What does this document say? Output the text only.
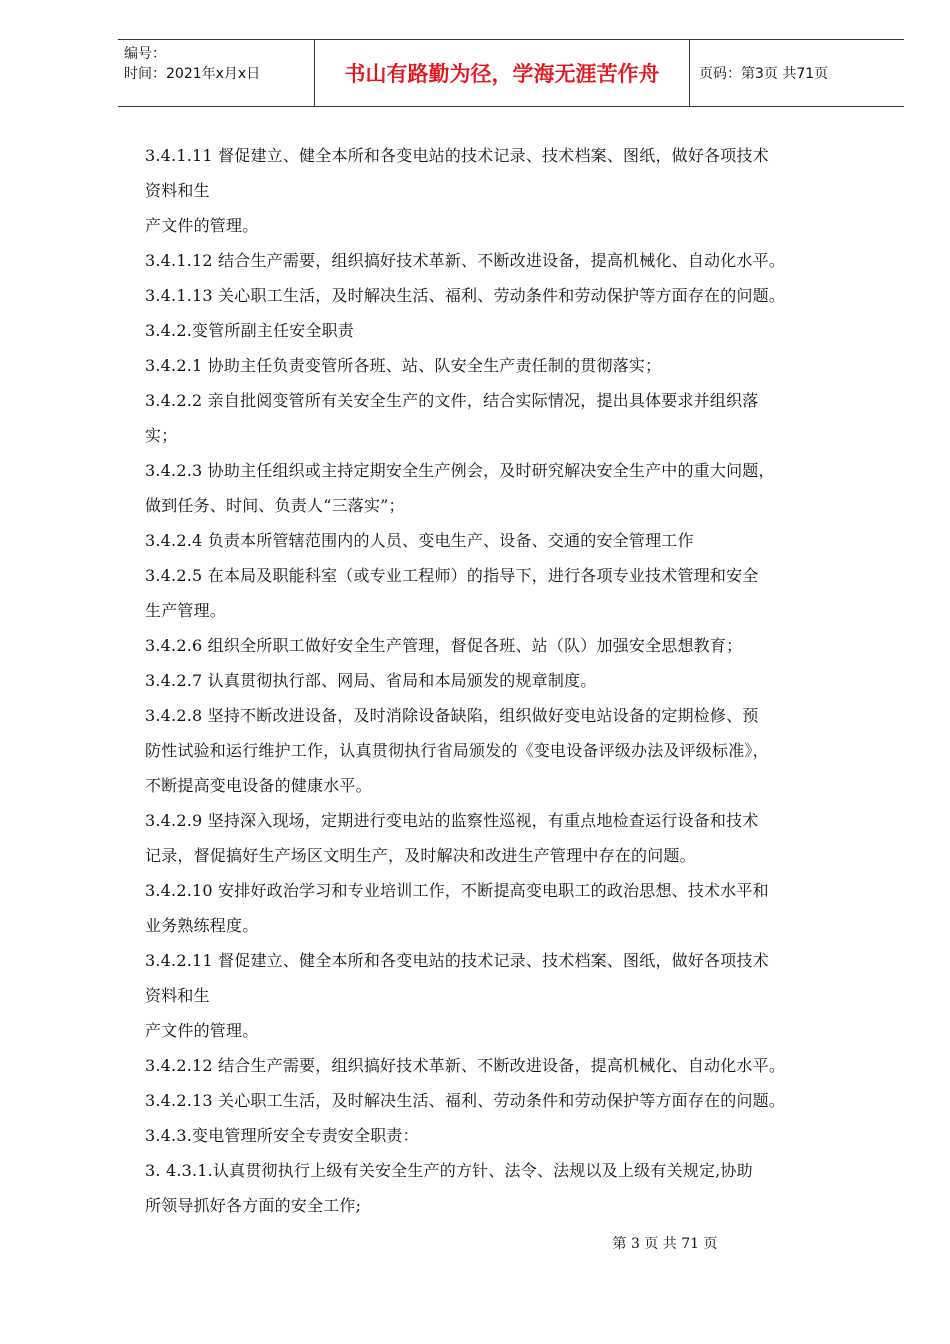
编号：
时间：2021年x月x日	书山有路勤为径，学海无涯苦作舟	页码：第3页 共71页

3.4.1.11 督促建立、健全本所和各变电站的技术记录、技术档案、图纸，做好各项技术

资料和生

产文件的管理。

3.4.1.12 结合生产需要，组织搞好技术革新、不断改进设备，提高机械化、自动化水平。

3.4.1.13 关心职工生活，及时解决生活、福利、劳动条件和劳动保护等方面存在的问题。

3.4.2.变管所副主任安全职责

3.4.2.1 协助主任负责变管所各班、站、队安全生产责任制的贯彻落实；

3.4.2.2 亲自批阅变管所有关安全生产的文件，结合实际情况，提出具体要求并组织落

实；

3.4.2.3 协助主任组织或主持定期安全生产例会，及时研究解决安全生产中的重大问题，

做到任务、时间、负责人“三落实”；

3.4.2.4 负责本所管辖范围内的人员、变电生产、设备、交通的安全管理工作

3.4.2.5 在本局及职能科室（或专业工程师）的指导下，进行各项专业技术管理和安全

生产管理。

3.4.2.6 组织全所职工做好安全生产管理，督促各班、站（队）加强安全思想教育；

3.4.2.7 认真贯彻执行部、网局、省局和本局颁发的规章制度。

3.4.2.8 坚持不断改进设备，及时消除设备缺陷，组织做好变电站设备的定期检修、预

防性试验和运行维护工作，认真贯彻执行省局颁发的《变电设备评级办法及评级标准》，

不断提高变电设备的健康水平。

3.4.2.9 坚持深入现场，定期进行变电站的监察性巡视，有重点地检查运行设备和技术

记录，督促搞好生产场区文明生产，及时解决和改进生产管理中存在的问题。

3.4.2.10 安排好政治学习和专业培训工作，不断提高变电职工的政治思想、技术水平和

业务熟练程度。

3.4.2.11 督促建立、健全本所和各变电站的技术记录、技术档案、图纸，做好各项技术

资料和生

产文件的管理。

3.4.2.12 结合生产需要，组织搞好技术革新、不断改进设备，提高机械化、自动化水平。

3.4.2.13 关心职工生活，及时解决生活、福利、劳动条件和劳动保护等方面存在的问题。

3.4.3.变电管理所安全专责安全职责：

3. 4.3.1.认真贯彻执行上级有关安全生产的方针、法令、法规以及上级有关规定,协助

所领导抓好各方面的安全工作;

第 3 页 共 71 页
